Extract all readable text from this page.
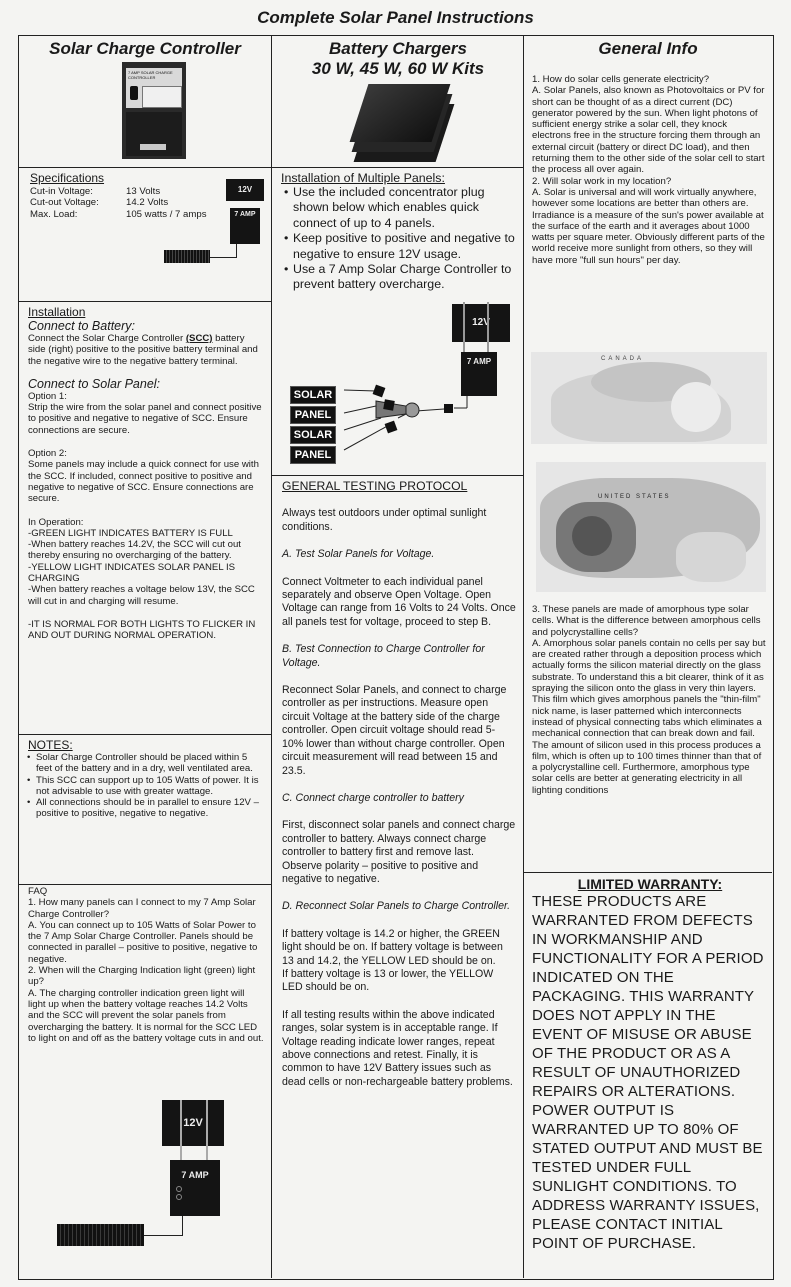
Complete Solar Panel Instructions
Solar Charge Controller
7 AMP SOLAR CHARGE CONTROLLER
Specifications
Cut-in Voltage:	13 Volts
Cut-out Voltage:	14.2 Volts
Max. Load:	105 watts / 7 amps
12V
7 AMP
Installation
Connect to Battery:

Connect the Solar Charge Controller (SCC) battery side (right) positive to the positive battery terminal and the negative wire to the negative battery terminal.

Connect to Solar Panel:

Option 1:

Strip the wire from the solar panel and connect positive to positive and negative to negative of SCC. Ensure connections are secure.

Option 2:

Some panels may include a quick connect for use with the SCC. If included, connect positive to positive and negative to negative of SCC. Ensure connections are secure.

In Operation:

-GREEN LIGHT INDICATES BATTERY IS FULL

-When battery reaches 14.2V, the SCC will cut out thereby ensuring no overcharging of the battery.

-YELLOW LIGHT INDICATES SOLAR PANEL IS CHARGING

-When battery reaches a voltage below 13V, the SCC will cut in and charging will resume.

-IT IS NORMAL FOR BOTH LIGHTS TO FLICKER IN AND OUT DURING NORMAL OPERATION.

NOTES:
• Solar Charge Controller should be placed within 5 feet of the battery and in a dry, well ventilated area.
• This SCC can support up to 105 Watts of power. It is not advisable to use with greater wattage.
• All connections should be in parallel to ensure 12V – positive to positive, negative to negative.

FAQ

1. How many panels can I connect to my 7 Amp Solar Charge Controller?

A. You can connect up to 105 Watts of Solar Power to the 7 Amp Solar Charge Controller. Panels should be connected in parallel – positive to positive, negative to negative.

2. When will the Charging Indication light (green) light up?

A. The charging controller indication green light will light up when the battery voltage reaches 14.2 Volts and the SCC will prevent the solar panels from overcharging the battery. It is normal for the SCC LED to light on and off as the battery voltage cuts in and out.

12V
7 AMP
Battery Chargers
30 W, 45 W, 60 W Kits
Installation of Multiple Panels:
• Use the included concentrator plug shown below which enables quick connect of up to 4 panels.
• Keep positive to positive and negative to negative to ensure 12V usage.
• Use a 7 Amp Solar Charge Controller to prevent battery overcharge.
12V
7 AMP
SOLAR
PANEL
SOLAR
PANEL
GENERAL TESTING PROTOCOL

Always test outdoors under optimal sunlight conditions.

A. Test Solar Panels for Voltage.

Connect Voltmeter to each individual panel separately and observe Open Voltage. Open Voltage can range from 16 Volts to 24 Volts. Once all panels test for voltage, proceed to step B.

B. Test Connection to Charge Controller for Voltage.

Reconnect Solar Panels, and connect to charge controller as per instructions. Measure open circuit Voltage at the battery side of the charge controller. Open circuit voltage should read 5-10% lower than without charge controller. Open circuit measurement will read between 15 and 23.5.

C. Connect charge controller to battery

First, disconnect solar panels and connect charge controller to battery. Always connect charge controller to battery first and remove last. Observe polarity – positive to positive and negative to negative.

D. Reconnect Solar Panels to Charge Controller.

If battery voltage is 14.2 or higher, the GREEN light should be on. If battery voltage is between 13 and 14.2, the YELLOW LED should be on.

If battery voltage is 13 or lower, the YELLOW LED should be on.

If all testing results within the above indicated ranges, solar system is in acceptable range. If Voltage reading indicate lower ranges, repeat above connections and retest. Finally, it is common to have 12V Battery issues such as dead cells or non-rechargeable battery problems.

General Info

1. How do solar cells generate electricity?

A. Solar Panels, also known as Photovoltaics or PV for short can be thought of as a direct current (DC) generator powered by the sun. When light photons of sufficient energy strike a solar cell, they knock electrons free in the structure forcing them through an external circuit (battery or direct DC load), and then returning them to the other side of the solar cell to start the process all over again.

2. Will solar work in my location?

A. Solar is universal and will work virtually anywhere, however some locations are better than others are. Irradiance is a measure of the sun's power available at the surface of the earth and it averages about 1000 watts per square meter. Obviously different parts of the world receive more sunlight from others, so they will have more "full sun hours" per day.

CANADA
UNITED STATES

3. These panels are made of amorphous type solar cells. What is the difference between amorphous cells and polycrystalline cells?

A. Amorphous solar panels contain no cells per say but are created rather through a deposition process which actually forms the silicon material directly on the glass substrate. To understand this a bit clearer, think of it as spraying the silicon onto the glass in very thin layers. This film which gives amorphous panels the "thin-film" nick name, is laser patterned which interconnects instead of physical connecting tabs which eliminates a mechanical connection that can break down and fail. The amount of silicon used in this process produces a film, which is often up to 100 times thinner than that of a polycrystalline cell. Furthermore, amorphous type solar cells are better at generating electricity in all lighting conditions

LIMITED WARRANTY:

THESE PRODUCTS ARE WARRANTED FROM DEFECTS IN WORKMANSHIP AND FUNCTIONALITY FOR A PERIOD INDICATED ON THE PACKAGING. THIS WARRANTY DOES NOT APPLY IN THE EVENT OF MISUSE OR ABUSE OF THE PRODUCT OR AS A RESULT OF UNAUTHORIZED REPAIRS OR ALTERATIONS. POWER OUTPUT IS WARRANTED UP TO 80% OF STATED OUTPUT AND MUST BE TESTED UNDER FULL SUNLIGHT CONDITIONS. TO ADDRESS WARRANTY ISSUES, PLEASE CONTACT INITIAL POINT OF PURCHASE.
